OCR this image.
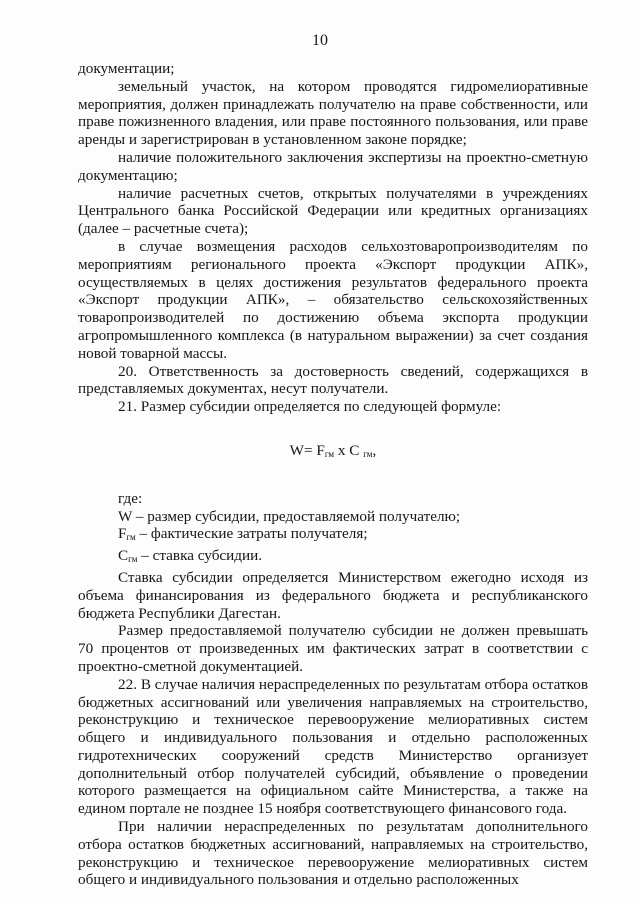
10

документации;

земельный участок, на котором проводятся гидромелиоративные мероприятия, должен принадлежать получателю на праве собственности, или праве пожизненного владения, или праве постоянного пользования, или праве аренды и зарегистрирован в установленном законе порядке;

наличие положительного заключения экспертизы на проектно-сметную документацию;

наличие расчетных счетов, открытых получателями в учреждениях Центрального банка Российской Федерации или кредитных организациях (далее – расчетные счета);

в случае возмещения расходов сельхозтоваропроизводителям по мероприятиям регионального проекта «Экспорт продукции АПК», осуществляемых в целях достижения результатов федерального проекта «Экспорт продукции АПК», – обязательство сельскохозяйственных товаропроизводителей по достижению объема экспорта продукции агропромышленного комплекса (в натуральном выражении) за счет создания новой товарной массы.

20. Ответственность за достоверность сведений, содержащихся в представляемых документах, несут получатели.

21. Размер субсидии определяется по следующей формуле:

$W= F_{гм}$ x C $_{гм}$,

где:

W – размер субсидии, предоставляемой получателю;

$F_{гм}$ – фактические затраты получателя;

$С_{гм}$ – ставка субсидии.

Ставка субсидии определяется Министерством ежегодно исходя из объема финансирования из федерального бюджета и республиканского бюджета Республики Дагестан.

Размер предоставляемой получателю субсидии не должен превышать 70 процентов от произведенных им фактических затрат в соответствии с проектно-сметной документацией.

22. В случае наличия нераспределенных по результатам отбора остатков бюджетных ассигнований или увеличения направляемых на строительство, реконструкцию и техническое перевооружение мелиоративных систем общего и индивидуального пользования и отдельно расположенных гидротехнических сооружений средств Министерство организует дополнительный отбор получателей субсидий, объявление о проведении которого размещается на официальном сайте Министерства, а также на едином портале не позднее 15 ноября соответствующего финансового года.

При наличии нераспределенных по результатам дополнительного отбора остатков бюджетных ассигнований, направляемых на строительство, реконструкцию и техническое перевооружение мелиоративных систем общего и индивидуального пользования и отдельно расположенных
